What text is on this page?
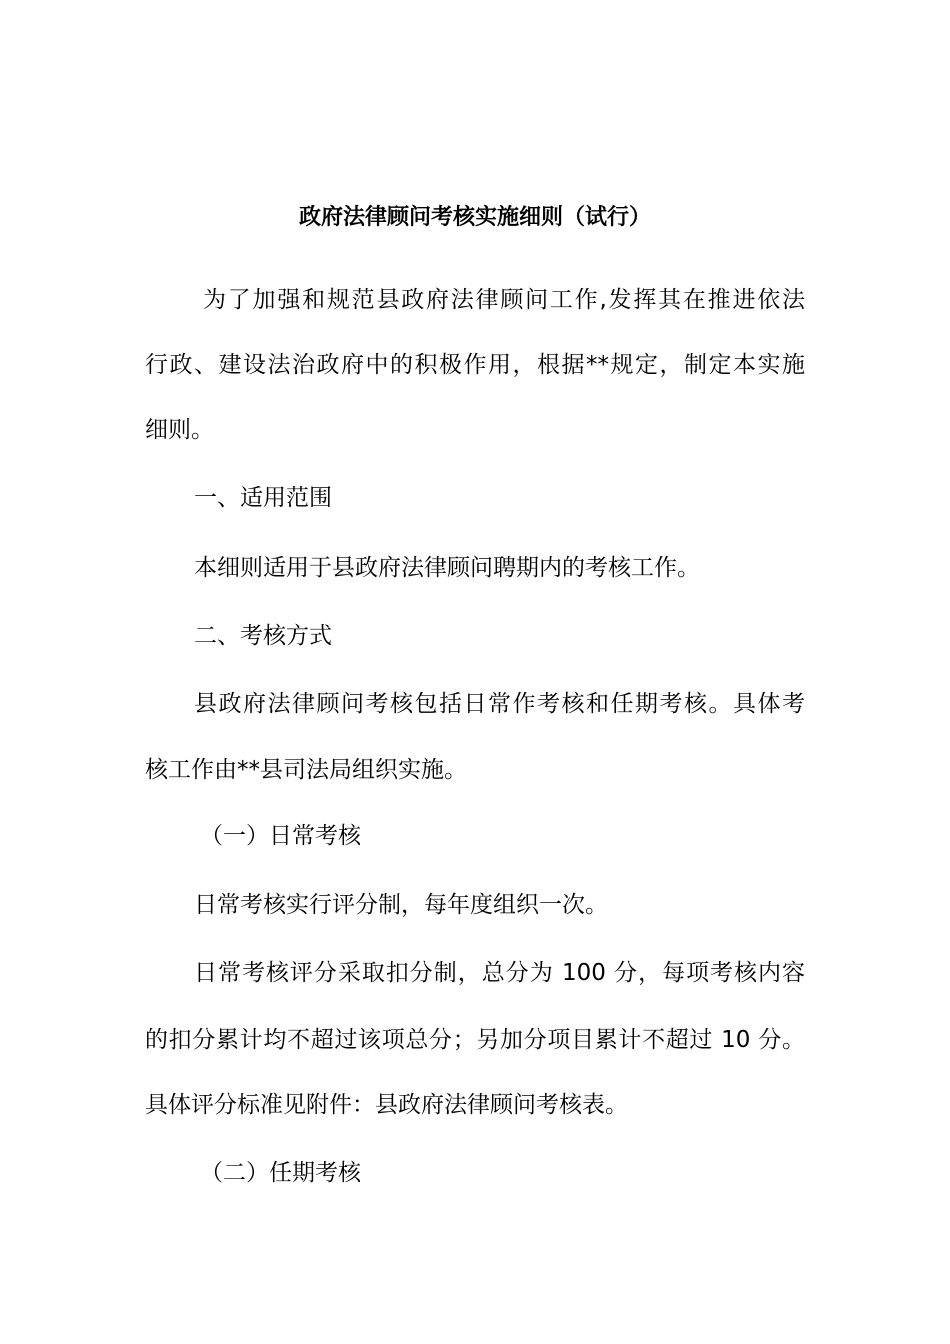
政府法律顾问考核实施细则（试行）
为了加强和规范县政府法律顾问工作,发挥其在推进依法
行政、建设法治政府中的积极作用，根据**规定，制定本实施
细则。
一、适用范围
本细则适用于县政府法律顾问聘期内的考核工作。
二、考核方式
县政府法律顾问考核包括日常作考核和任期考核。具体考
核工作由**县司法局组织实施。
（一）日常考核
日常考核实行评分制，每年度组织一次。
日常考核评分采取扣分制，总分为 100 分，每项考核内容
的扣分累计均不超过该项总分；另加分项目累计不超过 10 分。
具体评分标准见附件：县政府法律顾问考核表。
（二）任期考核
